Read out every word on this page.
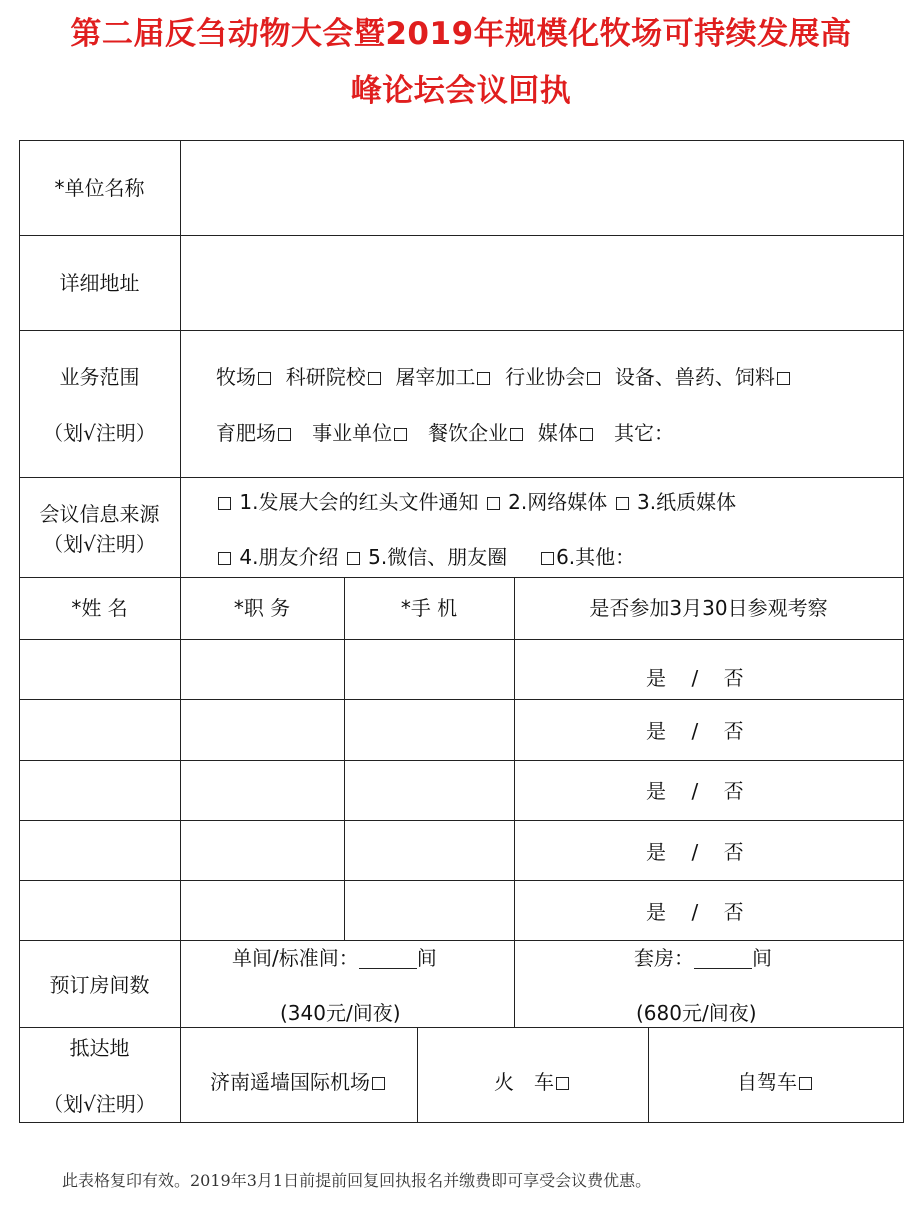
第二届反刍动物大会暨2019年规模化牧场可持续发展高
峰论坛会议回执
*单位名称
详细地址
业务范围
（划√注明）
牧场 科研院校 屠宰加工 行业协会 设备、兽药、饲料
育肥场 事业单位 餐饮企业 媒体 其它：
会议信息来源
（划√注明）
1.发展大会的红头文件通知 2.网络媒体 3.纸质媒体
4.朋友介绍 5.微信、朋友圈 6.其他：
*姓 名	*职 务	*手 机	是否参加3月30日参观考察
是 / 否
是 / 否
是 / 否
是 / 否
是 / 否
预订房间数
单间/标准间：	间
(340元/间夜)
套房：	间
(680元/间夜)
抵达地
（划√注明）
济南遥墙国际机场	火　车	自驾车
此表格复印有效。2019年3月1日前提前回复回执报名并缴费即可享受会议费优惠。
